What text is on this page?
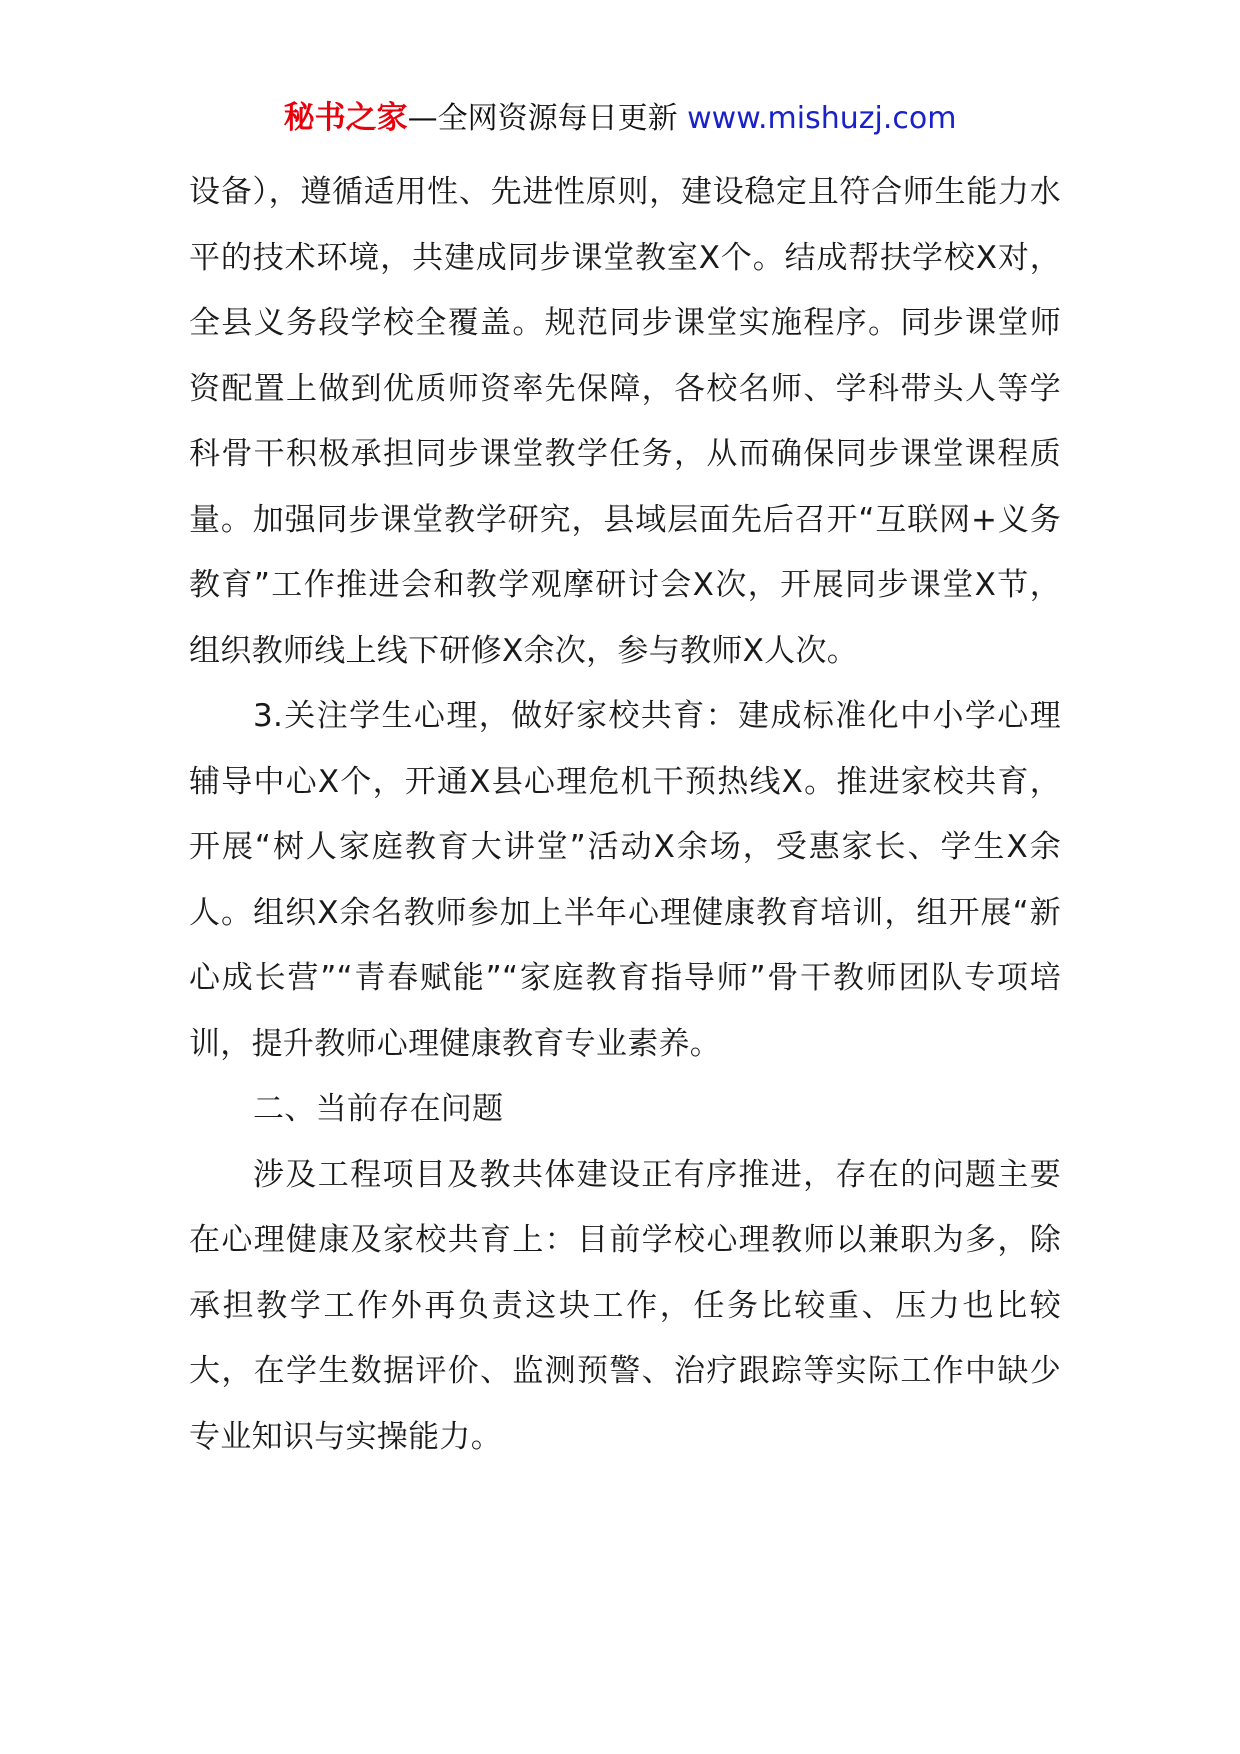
秘书之家—全网资源每日更新 www.mishuzj.com

设备），遵循适用性、先进性原则，建设稳定且符合师生能力水平的技术环境，共建成同步课堂教室X个。结成帮扶学校X对，全县义务段学校全覆盖。规范同步课堂实施程序。同步课堂师资配置上做到优质师资率先保障，各校名师、学科带头人等学科骨干积极承担同步课堂教学任务，从而确保同步课堂课程质量。加强同步课堂教学研究，县域层面先后召开“互联网+义务教育”工作推进会和教学观摩研讨会X次，开展同步课堂X节，组织教师线上线下研修X余次，参与教师X人次。

3.关注学生心理，做好家校共育：建成标准化中小学心理辅导中心X个，开通X县心理危机干预热线X。推进家校共育，开展“树人家庭教育大讲堂”活动X余场，受惠家长、学生X余人。组织X余名教师参加上半年心理健康教育培训，组开展“新心成长营”“青春赋能”“家庭教育指导师”骨干教师团队专项培训，提升教师心理健康教育专业素养。

二、当前存在问题

涉及工程项目及教共体建设正有序推进，存在的问题主要在心理健康及家校共育上：目前学校心理教师以兼职为多，除承担教学工作外再负责这块工作，任务比较重、压力也比较大，在学生数据评价、监测预警、治疗跟踪等实际工作中缺少专业知识与实操能力。
